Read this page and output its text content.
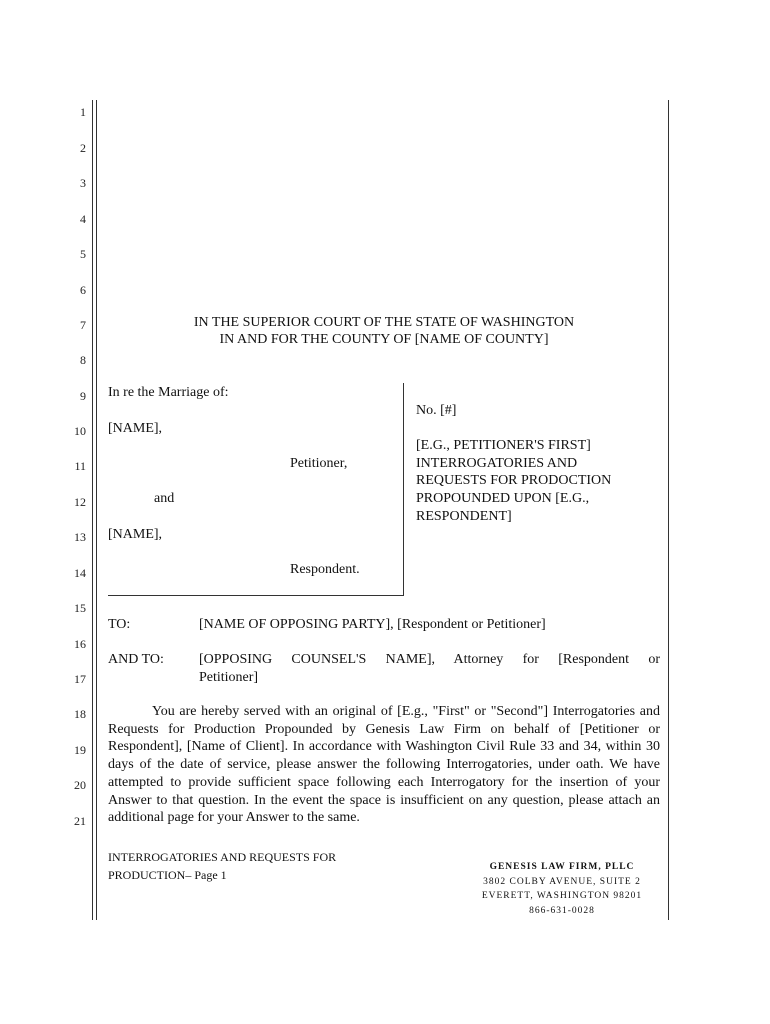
1
2
3
4
5
6
7
8
9
10
11
12
13
14
15
16
17
18
19
20
21
IN THE SUPERIOR COURT OF THE STATE OF WASHINGTON
IN AND FOR THE COUNTY OF [NAME OF COUNTY]
In re the Marriage of:
[NAME],
Petitioner,
and
[NAME],
Respondent.
No. [#]
[E.G., PETITIONER'S FIRST]
INTERROGATORIES AND
REQUESTS FOR PRODOCTION
PROPOUNDED UPON [E.G.,
RESPONDENT]
TO:	[NAME OF OPPOSING PARTY], [Respondent or Petitioner]
AND TO:	[OPPOSING COUNSEL'S NAME], Attorney for [Respondent or
Petitioner]
You are hereby served with an original of [E.g., "First" or "Second"] Interrogatories and Requests for Production Propounded by Genesis Law Firm on behalf of [Petitioner or Respondent], [Name of Client]. In accordance with Washington Civil Rule 33 and 34, within 30 days of the date of service, please answer the following Interrogatories, under oath. We have attempted to provide sufficient space following each Interrogatory for the insertion of your Answer to that question. In the event the space is insufficient on any question, please attach an additional page for your Answer to the same.
INTERROGATORIES AND REQUESTS FOR
PRODUCTION– Page 1
GENESIS LAW FIRM, PLLC
3802 COLBY AVENUE, SUITE 2
EVERETT, WASHINGTON 98201
866-631-0028
